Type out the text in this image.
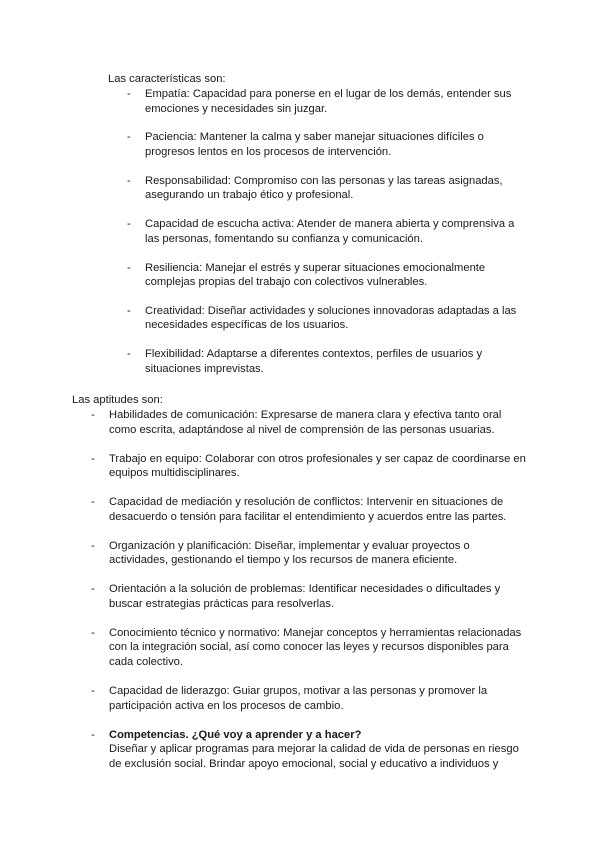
Las características son:

- Empatía: Capacidad para ponerse en el lugar de los demás, entender sus emociones y necesidades sin juzgar.
- Paciencia: Mantener la calma y saber manejar situaciones difíciles o progresos lentos en los procesos de intervención.
- Responsabilidad: Compromiso con las personas y las tareas asignadas, asegurando un trabajo ético y profesional.
- Capacidad de escucha activa: Atender de manera abierta y comprensiva a las personas, fomentando su confianza y comunicación.
- Resiliencia: Manejar el estrés y superar situaciones emocionalmente complejas propias del trabajo con colectivos vulnerables.
- Creatividad: Diseñar actividades y soluciones innovadoras adaptadas a las necesidades específicas de los usuarios.
- Flexibilidad: Adaptarse a diferentes contextos, perfiles de usuarios y situaciones imprevistas.

Las aptitudes son:

- Habilidades de comunicación: Expresarse de manera clara y efectiva tanto oral como escrita, adaptándose al nivel de comprensión de las personas usuarias.
- Trabajo en equipo: Colaborar con otros profesionales y ser capaz de coordinarse en equipos multidisciplinares.
- Capacidad de mediación y resolución de conflictos: Intervenir en situaciones de desacuerdo o tensión para facilitar el entendimiento y acuerdos entre las partes.
- Organización y planificación: Diseñar, implementar y evaluar proyectos o actividades, gestionando el tiempo y los recursos de manera eficiente.
- Orientación a la solución de problemas: Identificar necesidades o dificultades y buscar estrategias prácticas para resolverlas.
- Conocimiento técnico y normativo: Manejar conceptos y herramientas relacionadas con la integración social, así como conocer las leyes y recursos disponibles para cada colectivo.
- Capacidad de liderazgo: Guiar grupos, motivar a las personas y promover la participación activa en los procesos de cambio.
- Competencias. ¿Qué voy a aprender y a hacer?
Diseñar y aplicar programas para mejorar la calidad de vida de personas en riesgo de exclusión social. Brindar apoyo emocional, social y educativo a individuos y
